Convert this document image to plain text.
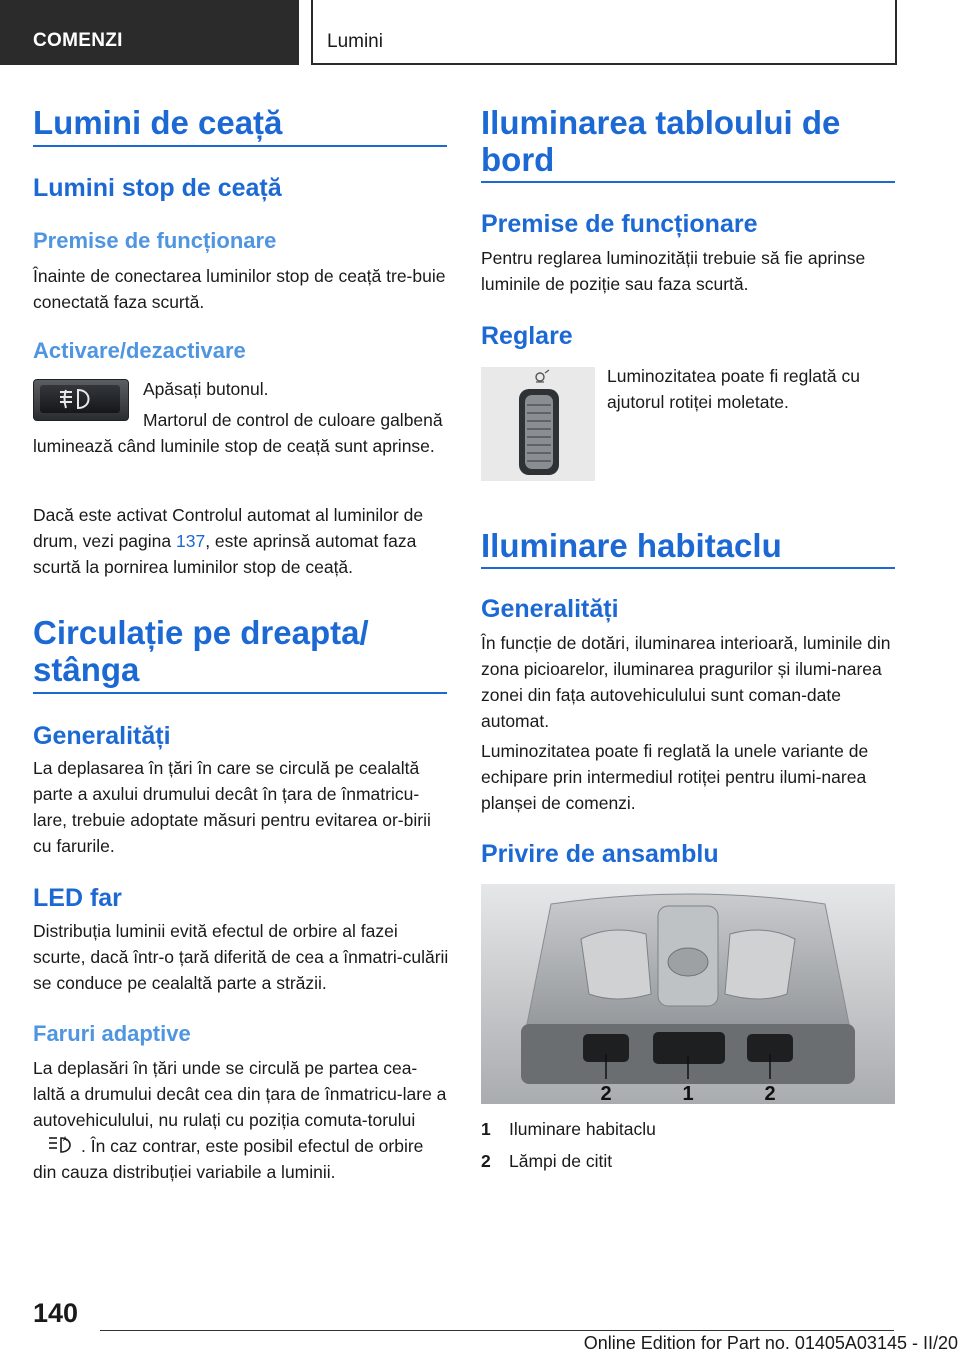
COMENZI	Lumini
Lumini de ceață
Lumini stop de ceață
Premise de funcționare

Înainte de conectarea luminilor stop de ceață tre-buie conectată faza scurtă.

Activare/dezactivare

Apăsați butonul.

Martorul de control de culoare galbenă luminează când luminile stop de ceață sunt aprinse.

Dacă este activat Controlul automat al luminilor de drum, vezi pagina 137, este aprinsă automat faza scurtă la pornirea luminilor stop de ceață.

Circulație pe dreapta/ stânga
Generalități

La deplasarea în țări în care se circulă pe cealaltă parte a axului drumului decât în țara de înmatricu-lare, trebuie adoptate măsuri pentru evitarea or-birii cu farurile.

LED far

Distribuția luminii evită efectul de orbire al fazei scurte, dacă într-o țară diferită de cea a înmatri-culării se conduce pe cealaltă parte a străzii.

Faruri adaptive

La deplasări în țări unde se circulă pe partea cea-laltă a drumului decât cea din țara de înmatricu-lare a autovehiculului, nu rulați cu poziția comuta-torului
A . În caz contrar, este posibil efectul de orbire din cauza distribuției variabile a luminii.

Iluminarea tabloului de bord
Premise de funcționare

Pentru reglarea luminozității trebuie să fie aprinse luminile de poziție sau faza scurtă.

Reglare

Luminozitatea poate fi reglată cu ajutorul rotiței moletate.

Iluminare habitaclu
Generalități

În funcție de dotări, iluminarea interioară, luminile din zona picioarelor, iluminarea pragurilor și ilumi-narea zonei din fața autovehiculului sunt coman-date automat.

Luminozitatea poate fi reglată la unele variante de echipare prin intermediul rotiței pentru ilumi-narea planșei de comenzi.

Privire de ansamblu
2	1	2
1 Iluminare habitaclu
2 Lămpi de citit
140
Online Edition for Part no. 01405A03145 - II/20
